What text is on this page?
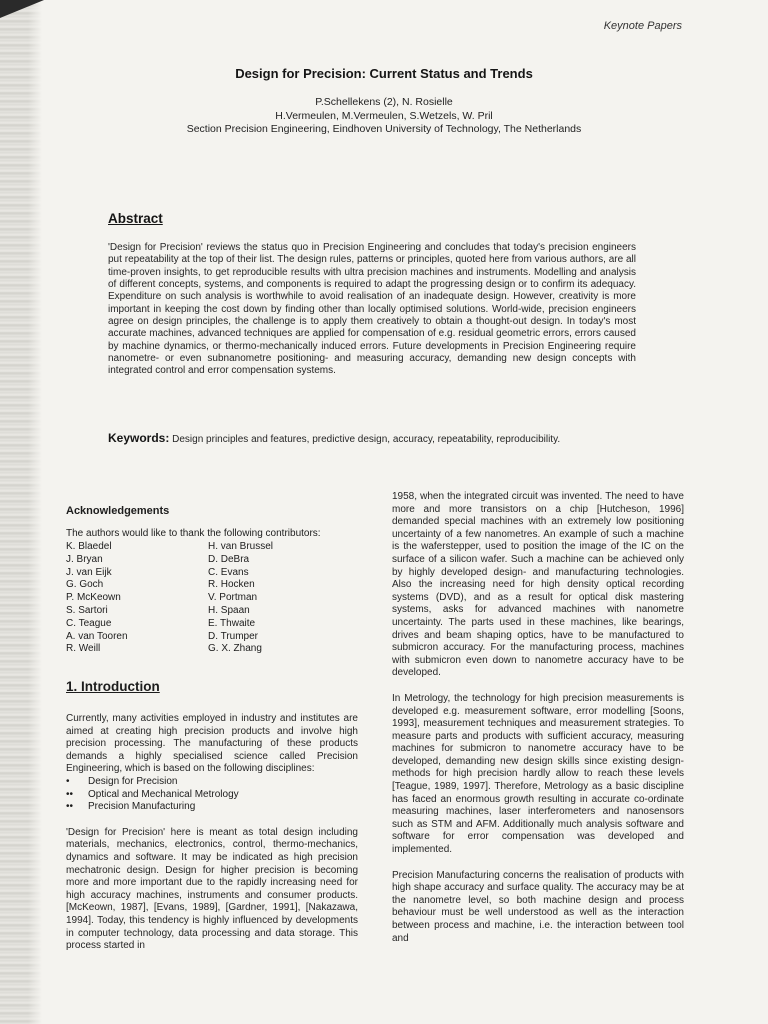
Keynote Papers
Design for Precision: Current Status and Trends
P.Schellekens (2), N. Rosielle
H.Vermeulen, M.Vermeulen, S.Wetzels, W. Pril
Section Precision Engineering, Eindhoven University of Technology, The Netherlands
Abstract

'Design for Precision' reviews the status quo in Precision Engineering and concludes that today's precision engineers put repeatability at the top of their list. The design rules, patterns or principles, quoted here from various authors, are all time-proven insights, to get reproducible results with ultra precision machines and instruments. Modelling and analysis of different concepts, systems, and components is required to adapt the progressing design or to confirm its adequacy. Expenditure on such analysis is worthwhile to avoid realisation of an inadequate design. However, creativity is more important in keeping the cost down by finding other than locally optimised solutions. World-wide, precision engineers agree on design principles, the challenge is to apply them creatively to obtain a thought-out design. In today's most accurate machines, advanced techniques are applied for compensation of e.g. residual geometric errors, errors caused by machine dynamics, or thermo-mechanically induced errors. Future developments in Precision Engineering require nanometre- or even subnanometre positioning- and measuring accuracy, demanding new design concepts with integrated control and error compensation systems.

Keywords: Design principles and features, predictive design, accuracy, repeatability, reproducibility.
Acknowledgements
The authors would like to thank the following contributors:
K. Blaedel	H. van Brussel
J. Bryan	D. DeBra
J. van Eijk	C. Evans
G. Goch	R. Hocken
P. McKeown	V. Portman
S. Sartori	H. Spaan
C. Teague	E. Thwaite
A. van Tooren	D. Trumper
R. Weill	G. X. Zhang
1. Introduction

Currently, many activities employed in industry and institutes are aimed at creating high precision products and involve high precision processing. The manufacturing of these products demands a highly specialised science called Precision Engineering, which is based on the following disciplines:

•	Design for Precision
••	Optical and Mechanical Metrology
••	Precision Manufacturing

'Design for Precision' here is meant as total design including materials, mechanics, electronics, control, thermo-mechanics, dynamics and software. It may be indicated as high precision mechatronic design. Design for higher precision is becoming more and more important due to the rapidly increasing need for high accuracy machines, instruments and consumer products. [McKeown, 1987], [Evans, 1989], [Gardner, 1991], [Nakazawa, 1994]. Today, this tendency is highly influenced by developments in computer technology, data processing and data storage. This process started in

1958, when the integrated circuit was invented. The need to have more and more transistors on a chip [Hutcheson, 1996] demanded special machines with an extremely low positioning uncertainty of a few nanometres. An example of such a machine is the waferstepper, used to position the image of the IC on the surface of a silicon wafer. Such a machine can be achieved only by highly developed design- and manufacturing technologies. Also the increasing need for high density optical recording systems (DVD), and as a result for optical disk mastering systems, asks for advanced machines with nanometre uncertainty. The parts used in these machines, like bearings, drives and beam shaping optics, have to be manufactured to submicron accuracy. For the manufacturing process, machines with submicron even down to nanometre accuracy have to be developed.

In Metrology, the technology for high precision measurements is developed e.g. measurement software, error modelling [Soons, 1993], measurement techniques and measurement strategies. To measure parts and products with sufficient accuracy, measuring machines for submicron to nanometre accuracy have to be developed, demanding new design skills since existing design-methods for high precision hardly allow to reach these levels [Teague, 1989, 1997]. Therefore, Metrology as a basic discipline has faced an enormous growth resulting in accurate co-ordinate measuring machines, laser interferometers and nanosensors such as STM and AFM. Additionally much analysis software and software for error compensation was developed and implemented.

Precision Manufacturing concerns the realisation of products with high shape accuracy and surface quality. The accuracy may be at the nanometre level, so both machine design and process behaviour must be well understood as well as the interaction between process and machine, i.e. the interaction between tool and
